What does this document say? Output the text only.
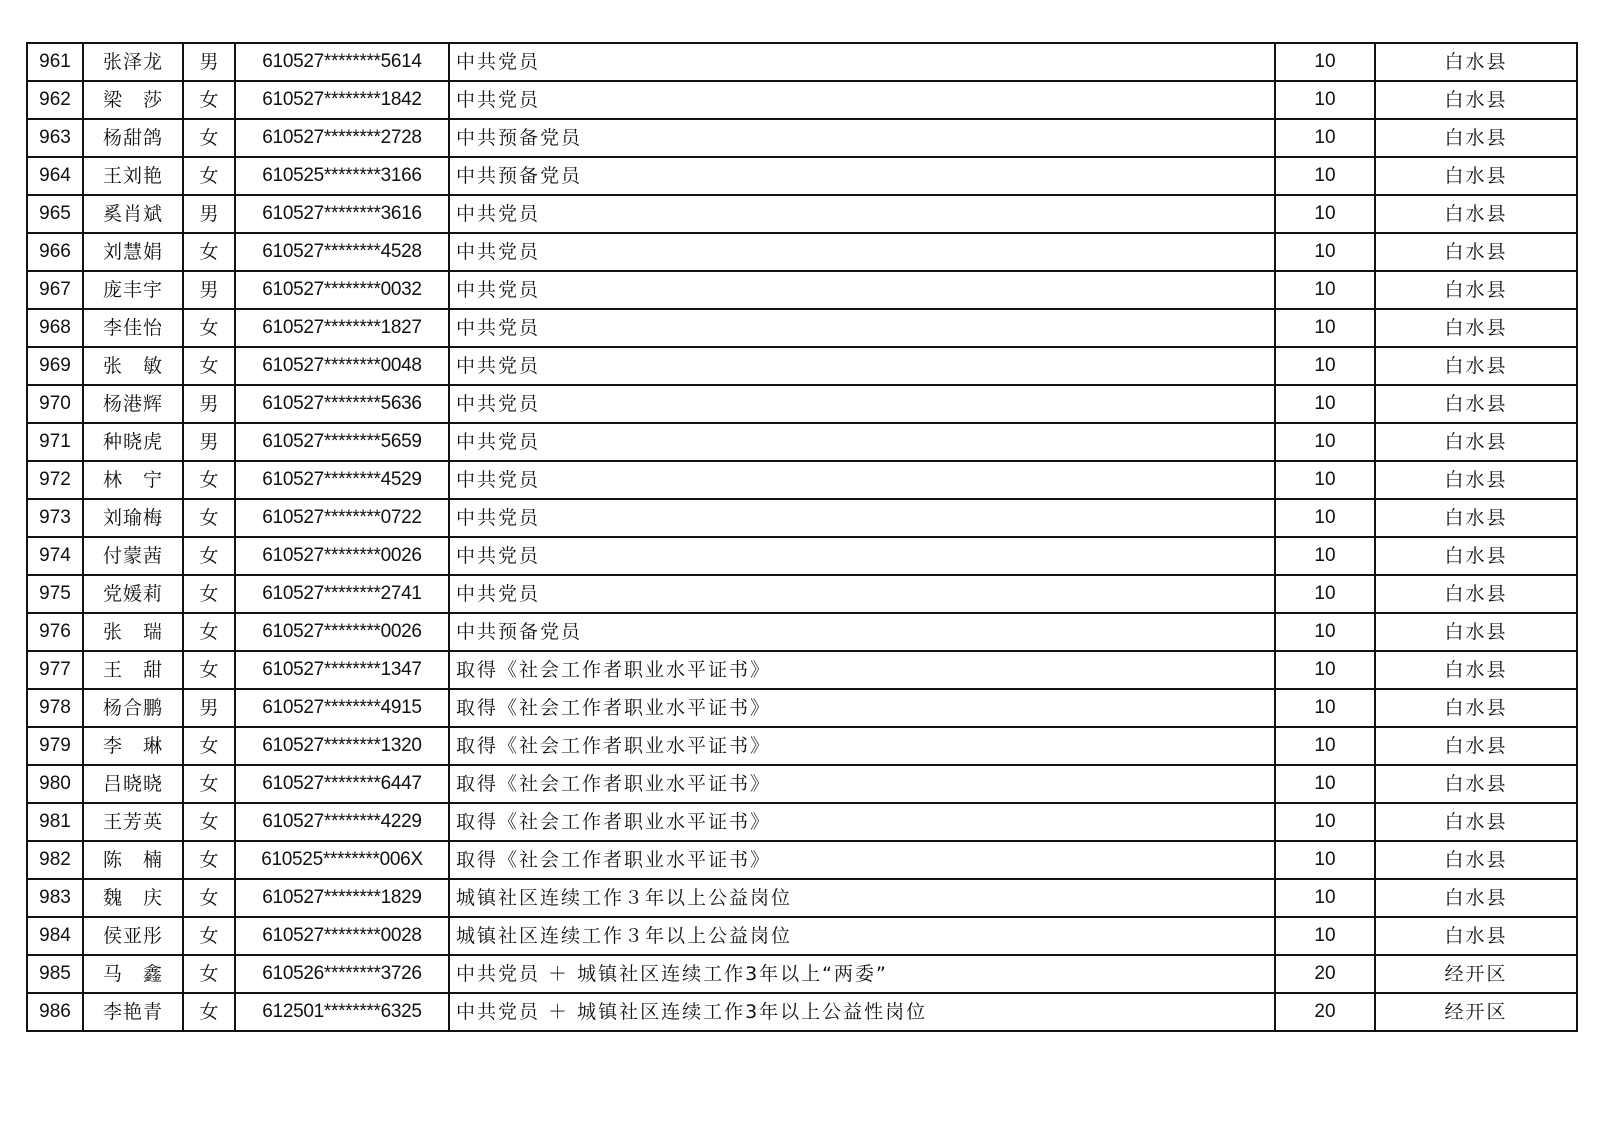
961	张泽龙	男	610527********5614	中共党员	10	白水县
962	梁　莎	女	610527********1842	中共党员	10	白水县
963	杨甜鸽	女	610527********2728	中共预备党员	10	白水县
964	王刘艳	女	610525********3166	中共预备党员	10	白水县
965	奚肖斌	男	610527********3616	中共党员	10	白水县
966	刘慧娟	女	610527********4528	中共党员	10	白水县
967	庞丰宇	男	610527********0032	中共党员	10	白水县
968	李佳怡	女	610527********1827	中共党员	10	白水县
969	张　敏	女	610527********0048	中共党员	10	白水县
970	杨港辉	男	610527********5636	中共党员	10	白水县
971	种晓虎	男	610527********5659	中共党员	10	白水县
972	林　宁	女	610527********4529	中共党员	10	白水县
973	刘瑜梅	女	610527********0722	中共党员	10	白水县
974	付蒙茜	女	610527********0026	中共党员	10	白水县
975	党媛莉	女	610527********2741	中共党员	10	白水县
976	张　瑞	女	610527********0026	中共预备党员	10	白水县
977	王　甜	女	610527********1347	取得《社会工作者职业水平证书》	10	白水县
978	杨合鹏	男	610527********4915	取得《社会工作者职业水平证书》	10	白水县
979	李　琳	女	610527********1320	取得《社会工作者职业水平证书》	10	白水县
980	吕晓晓	女	610527********6447	取得《社会工作者职业水平证书》	10	白水县
981	王芳英	女	610527********4229	取得《社会工作者职业水平证书》	10	白水县
982	陈　楠	女	610525********006X	取得《社会工作者职业水平证书》	10	白水县
983	魏　庆	女	610527********1829	城镇社区连续工作３年以上公益岗位	10	白水县
984	侯亚彤	女	610527********0028	城镇社区连续工作３年以上公益岗位	10	白水县
985	马　鑫	女	610526********3726	中共党员 ＋ 城镇社区连续工作3年以上“两委”	20	经开区
986	李艳青	女	612501********6325	中共党员 ＋ 城镇社区连续工作3年以上公益性岗位	20	经开区
